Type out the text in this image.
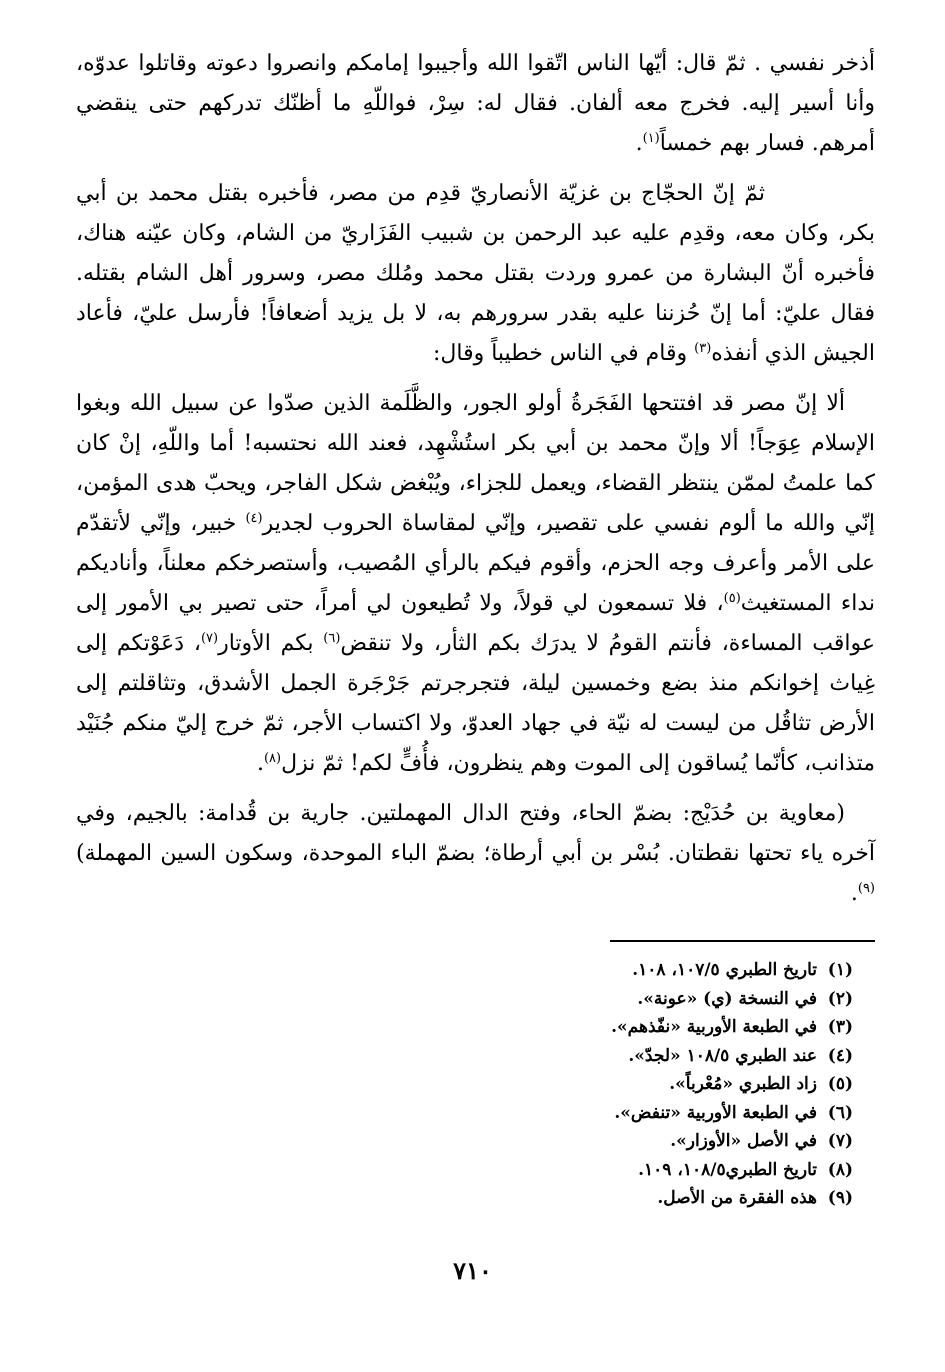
أذخر نفسي . ثمّ قال: أيّها الناس اتّقوا الله وأجيبوا إمامكم وانصروا دعوته وقاتلوا عدوّه، وأنا أسير إليه. فخرج معه ألفان. فقال له: سِرْ، فواللّهِ ما أظنّك تدركهم حتى ينقضي أمرهم. فسار بهم خمساً$^{(١)}$.

ثمّ إنّ الحجّاج بن غزيّة الأنصاريّ قدِم من مصر، فأخبره بقتل محمد بن أبي بكر، وكان معه، وقدِم عليه عبد الرحمن بن شبيب الفَزَاريّ من الشام، وكان عيّنه هناك، فأخبره أنّ البشارة من عمرو وردت بقتل محمد ومُلك مصر، وسرور أهل الشام بقتله. فقال عليّ: أما إنّ حُزننا عليه بقدر سرورهم به، لا بل يزيد أضعافاً! فأرسل عليّ، فأعاد الجيش الذي أنفذه$^{(٣)}$ وقام في الناس خطيباً وقال:

ألا إنّ مصر قد افتتحها الفَجَرةُ أولو الجور، والظَّلَمة الذين صدّوا عن سبيل الله وبغوا الإسلام عِوَجاً! ألا وإنّ محمد بن أبي بكر استُشْهِد، فعند الله نحتسبه! أما واللّهِ، إنْ كان كما علمتُ لممّن ينتظر القضاء، ويعمل للجزاء، ويُبْغض شكل الفاجر، ويحبّ هدى المؤمن، إنّي والله ما ألوم نفسي على تقصير، وإنّي لمقاساة الحروب لجدير$^{(٤)}$ خبير، وإنّي لأتقدّم على الأمر وأعرف وجه الحزم، وأقوم فيكم بالرأي المُصيب، وأستصرخكم معلناً، وأناديكم نداء المستغيث$^{(٥)}$، فلا تسمعون لي قولاً، ولا تُطيعون لي أمراً، حتى تصير بي الأمور إلى عواقب المساءة، فأنتم القومُ لا يدرَك بكم الثأر، ولا تنقض$^{(٦)}$ بكم الأوتار$^{(٧)}$، دَعَوْتكم إلى غِياث إخوانكم منذ بضع وخمسين ليلة، فتجرجرتم جَرْجَرة الجمل الأشدق، وتثاقلتم إلى الأرض تثاقُل من ليست له نيّة في جهاد العدوّ، ولا اكتساب الأجر، ثمّ خرج إليّ منكم جُنَيْد متذانب، كأنّما يُساقون إلى الموت وهم ينظرون، فأُفٍّ لكم! ثمّ نزل$^{(٨)}$.

(معاوية بن حُدَيْج: بضمّ الحاء، وفتح الدال المهملتين. جارية بن قُدامة: بالجيم، وفي آخره ياء تحتها نقطتان. بُسْر بن أبي أرطاة؛ بضمّ الباء الموحدة، وسكون السين المهملة)$^{(٩)}$.

(١)
تاريخ الطبري ١٠٧/٥، ١٠٨.
(٢)
في النسخة (ي) «عونة».
(٣)
في الطبعة الأوربية «نفّذهم».
(٤)
عند الطبري ١٠٨/٥ «لجدّ».
(٥)
زاد الطبري «مُعْرباً».
(٦)
في الطبعة الأوربية «تنفض».
(٧)
في الأصل «الأوزار».
(٨)
تاريخ الطبري١٠٨/٥، ١٠٩.
(٩)
هذه الفقرة من الأصل.
٧١٠
